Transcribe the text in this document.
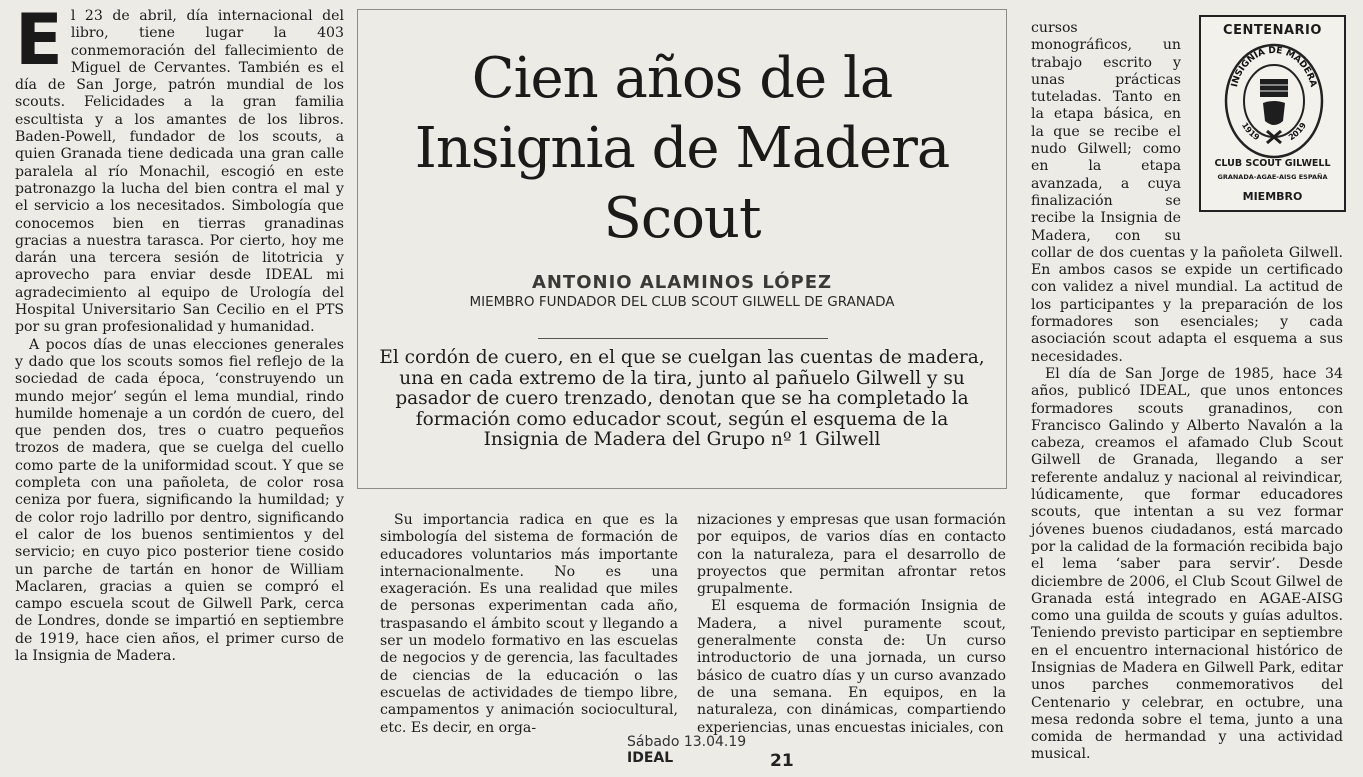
E l 23 de abril, día internacional del libro, tiene lugar la 403 conmemoración del fallecimiento de Miguel de Cervantes. También es el día de San Jorge, patrón mundial de los scouts. Felicidades a la gran familia escultista y a los amantes de los libros. Baden-Powell, fundador de los scouts, a quien Granada tiene dedicada una gran calle paralela al río Monachil, escogió en este patronazgo la lucha del bien contra el mal y el servicio a los necesitados. Simbología que conocemos bien en tierras granadinas gracias a nuestra tarasca. Por cierto, hoy me darán una tercera sesión de litotricia y aprovecho para enviar desde IDEAL mi agradecimiento al equipo de Urología del Hospital Universitario San Cecilio en el PTS por su gran profesionalidad y humanidad.

A pocos días de unas elecciones generales y dado que los scouts somos fiel reflejo de la sociedad de cada época, ‘construyendo un mundo mejor’ según el lema mundial, rindo humilde homenaje a un cordón de cuero, del que penden dos, tres o cuatro pequeños trozos de madera, que se cuelga del cuello como parte de la uniformidad scout. Y que se completa con una pañoleta, de color rosa ceniza por fuera, significando la humildad; y de color rojo ladrillo por dentro, significando el calor de los buenos sentimientos y del servicio; en cuyo pico posterior tiene cosido un parche de tartán en honor de William Maclaren, gracias a quien se compró el campo escuela scout de Gilwell Park, cerca de Londres, donde se impartió en septiembre de 1919, hace cien años, el primer curso de la Insignia de Madera.

Cien años de la
Insignia de Madera
Scout
ANTONIO ALAMINOS LÓPEZ
MIEMBRO FUNDADOR DEL CLUB SCOUT GILWELL DE GRANADA
El cordón de cuero, en el que se cuelgan las cuentas de madera, una en cada extremo de la tira, junto al pañuelo Gilwell y su pasador de cuero trenzado, denotan que se ha completado la formación como educador scout, según el esquema de la Insignia de Madera del Grupo nº 1 Gilwell

Su importancia radica en que es la simbología del sistema de formación de educadores voluntarios más importante internacionalmente. No es una exageración. Es una realidad que miles de personas experimentan cada año, traspasando el ámbito scout y llegando a ser un modelo formativo en las escuelas de negocios y de gerencia, las facultades de ciencias de la educación o las escuelas de actividades de tiempo libre, campamentos y animación sociocultural, etc. Es decir, en orga-

nizaciones y empresas que usan formación por equipos, de varios días en contacto con la naturaleza, para el desarrollo de proyectos que permitan afrontar retos grupalmente.

El esquema de formación Insignia de Madera, a nivel puramente scout, generalmente consta de: Un curso introductorio de una jornada, un curso básico de cuatro días y un curso avanzado de una semana. En equipos, en la naturaleza, con dinámicas, compartiendo experiencias, unas encuestas iniciales, con

cursos monográficos, un trabajo escrito y unas prácticas tuteladas. Tanto en la etapa básica, en la que se recibe el nudo Gilwell; como en la etapa avanzada, a cuya finalización se recibe la Insignia de Madera, con su collar de dos cuentas y la pañoleta Gilwell. En ambos casos se expide un certificado con validez a nivel mundial. La actitud de los participantes y la preparación de los formadores son esenciales; y cada asociación scout adapta el esquema a sus necesidades.

El día de San Jorge de 1985, hace 34 años, publicó IDEAL, que unos entonces formadores scouts granadinos, con Francisco Galindo y Alberto Navalón a la cabeza, creamos el afamado Club Scout Gilwell de Granada, llegando a ser referente andaluz y nacional al reivindicar, lúdicamente, que formar educadores scouts, que intentan a su vez formar jóvenes buenos ciudadanos, está marcado por la calidad de la formación recibida bajo el lema ‘saber para servir’. Desde diciembre de 2006, el Club Scout Gilwel de Granada está integrado en AGAE-AISG como una guilda de scouts y guías adultos. Teniendo previsto participar en septiembre en el encuentro internacional histórico de Insignias de Madera en Gilwell Park, editar unos parches conmemorativos del Centenario y celebrar, en octubre, una mesa redonda sobre el tema, junto a una comida de hermandad y una actividad musical.

CENTENARIO
INSIGNIA DE MADERA
1919	2019
CLUB SCOUT GILWELL
GRANADA-AGAE-AISG ESPAÑA
MIEMBRO
Sábado 13.04.19
IDEAL	21
